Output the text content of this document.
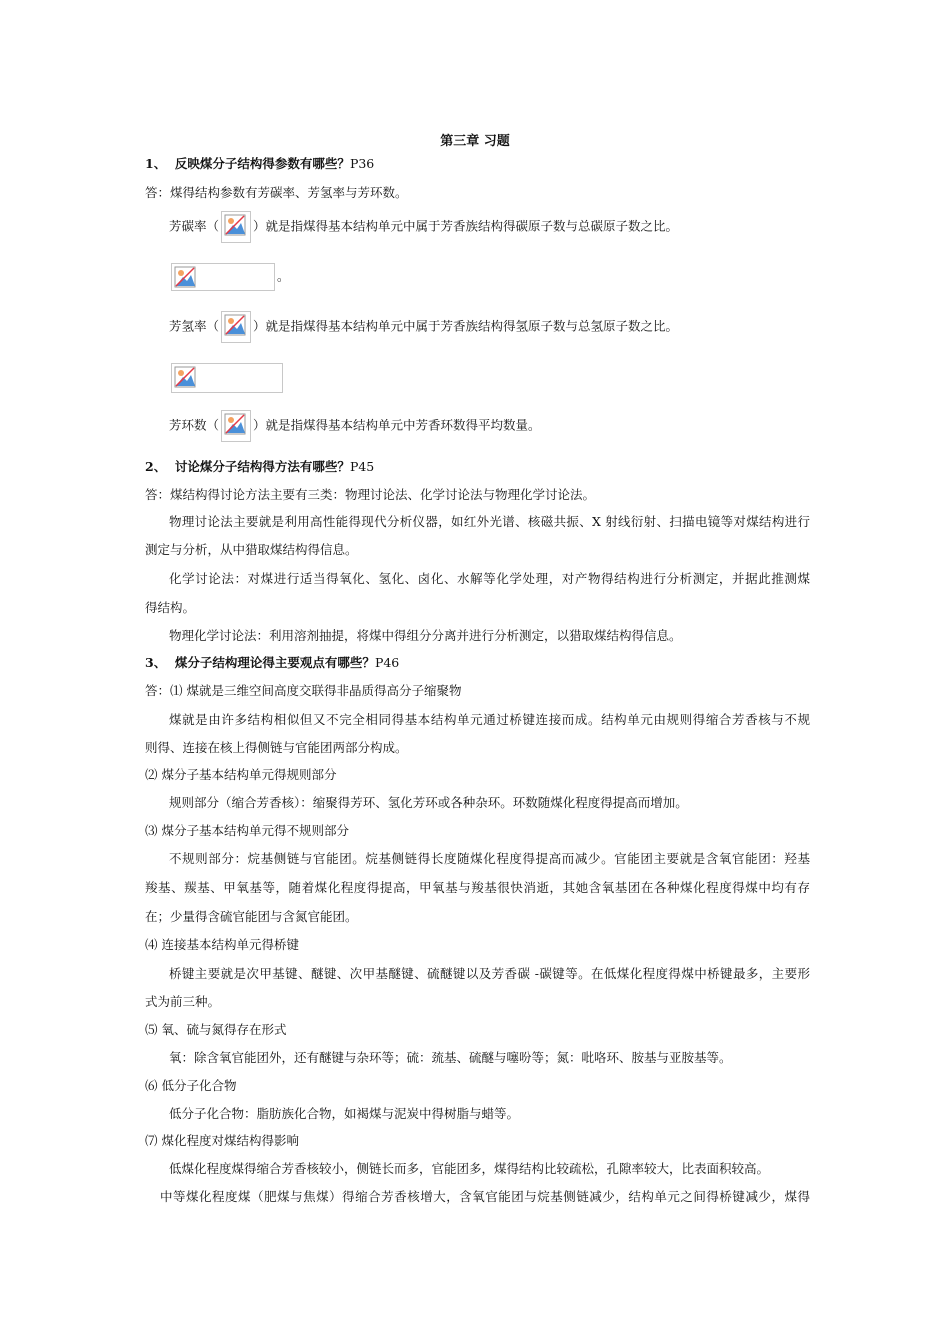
第三章 习题
1、 反映煤分子结构得参数有哪些？P36
答：煤得结构参数有芳碳率、芳氢率与芳环数。
芳碳率（	）就是指煤得基本结构单元中属于芳香族结构得碳原子数与总碳原子数之比。
。
芳氢率（	）就是指煤得基本结构单元中属于芳香族结构得氢原子数与总氢原子数之比。
芳环数（	）就是指煤得基本结构单元中芳香环数得平均数量。
2、 讨论煤分子结构得方法有哪些？P45
答：煤结构得讨论方法主要有三类：物理讨论法、化学讨论法与物理化学讨论法。
物理讨论法主要就是利用高性能得现代分析仪器，如红外光谱、核磁共振、X 射线衍射、扫描电镜等对煤结构进行
测定与分析，从中猎取煤结构得信息。
化学讨论法：对煤进行适当得氧化、氢化、卤化、水解等化学处理，对产物得结构进行分析测定，并据此推测煤
得结构。
物理化学讨论法：利用溶剂抽提，将煤中得组分分离并进行分析测定，以猎取煤结构得信息。
3、 煤分子结构理论得主要观点有哪些？P46
答：⑴ 煤就是三维空间高度交联得非晶质得高分子缩聚物
煤就是由许多结构相似但又不完全相同得基本结构单元通过桥键连接而成。结构单元由规则得缩合芳香核与不规
则得、连接在核上得侧链与官能团两部分构成。
⑵ 煤分子基本结构单元得规则部分
规则部分（缩合芳香核）：缩聚得芳环、氢化芳环或各种杂环。环数随煤化程度得提高而增加。
⑶ 煤分子基本结构单元得不规则部分
不规则部分：烷基侧链与官能团。烷基侧链得长度随煤化程度得提高而减少。官能团主要就是含氧官能团：羟基
羧基、羰基、甲氧基等，随着煤化程度得提高，甲氧基与羧基很快消逝，其她含氧基团在各种煤化程度得煤中均有存
在；少量得含硫官能团与含氮官能团。
⑷ 连接基本结构单元得桥键
桥键主要就是次甲基键、醚键、次甲基醚键、硫醚键以及芳香碳 -碳键等。在低煤化程度得煤中桥键最多，主要形
式为前三种。
⑸ 氧、硫与氮得存在形式
氧：除含氧官能团外，还有醚键与杂环等；硫：巯基、硫醚与噻吩等；氮：吡咯环、胺基与亚胺基等。
⑹ 低分子化合物
低分子化合物：脂肪族化合物，如褐煤与泥炭中得树脂与蜡等。
⑺ 煤化程度对煤结构得影响
低煤化程度煤得缩合芳香核较小，侧链长而多，官能团多，煤得结构比较疏松，孔隙率较大，比表面积较高。
中等煤化程度煤（肥煤与焦煤）得缩合芳香核增大，含氧官能团与烷基侧链减少，结构单元之间得桥键减少，煤得
